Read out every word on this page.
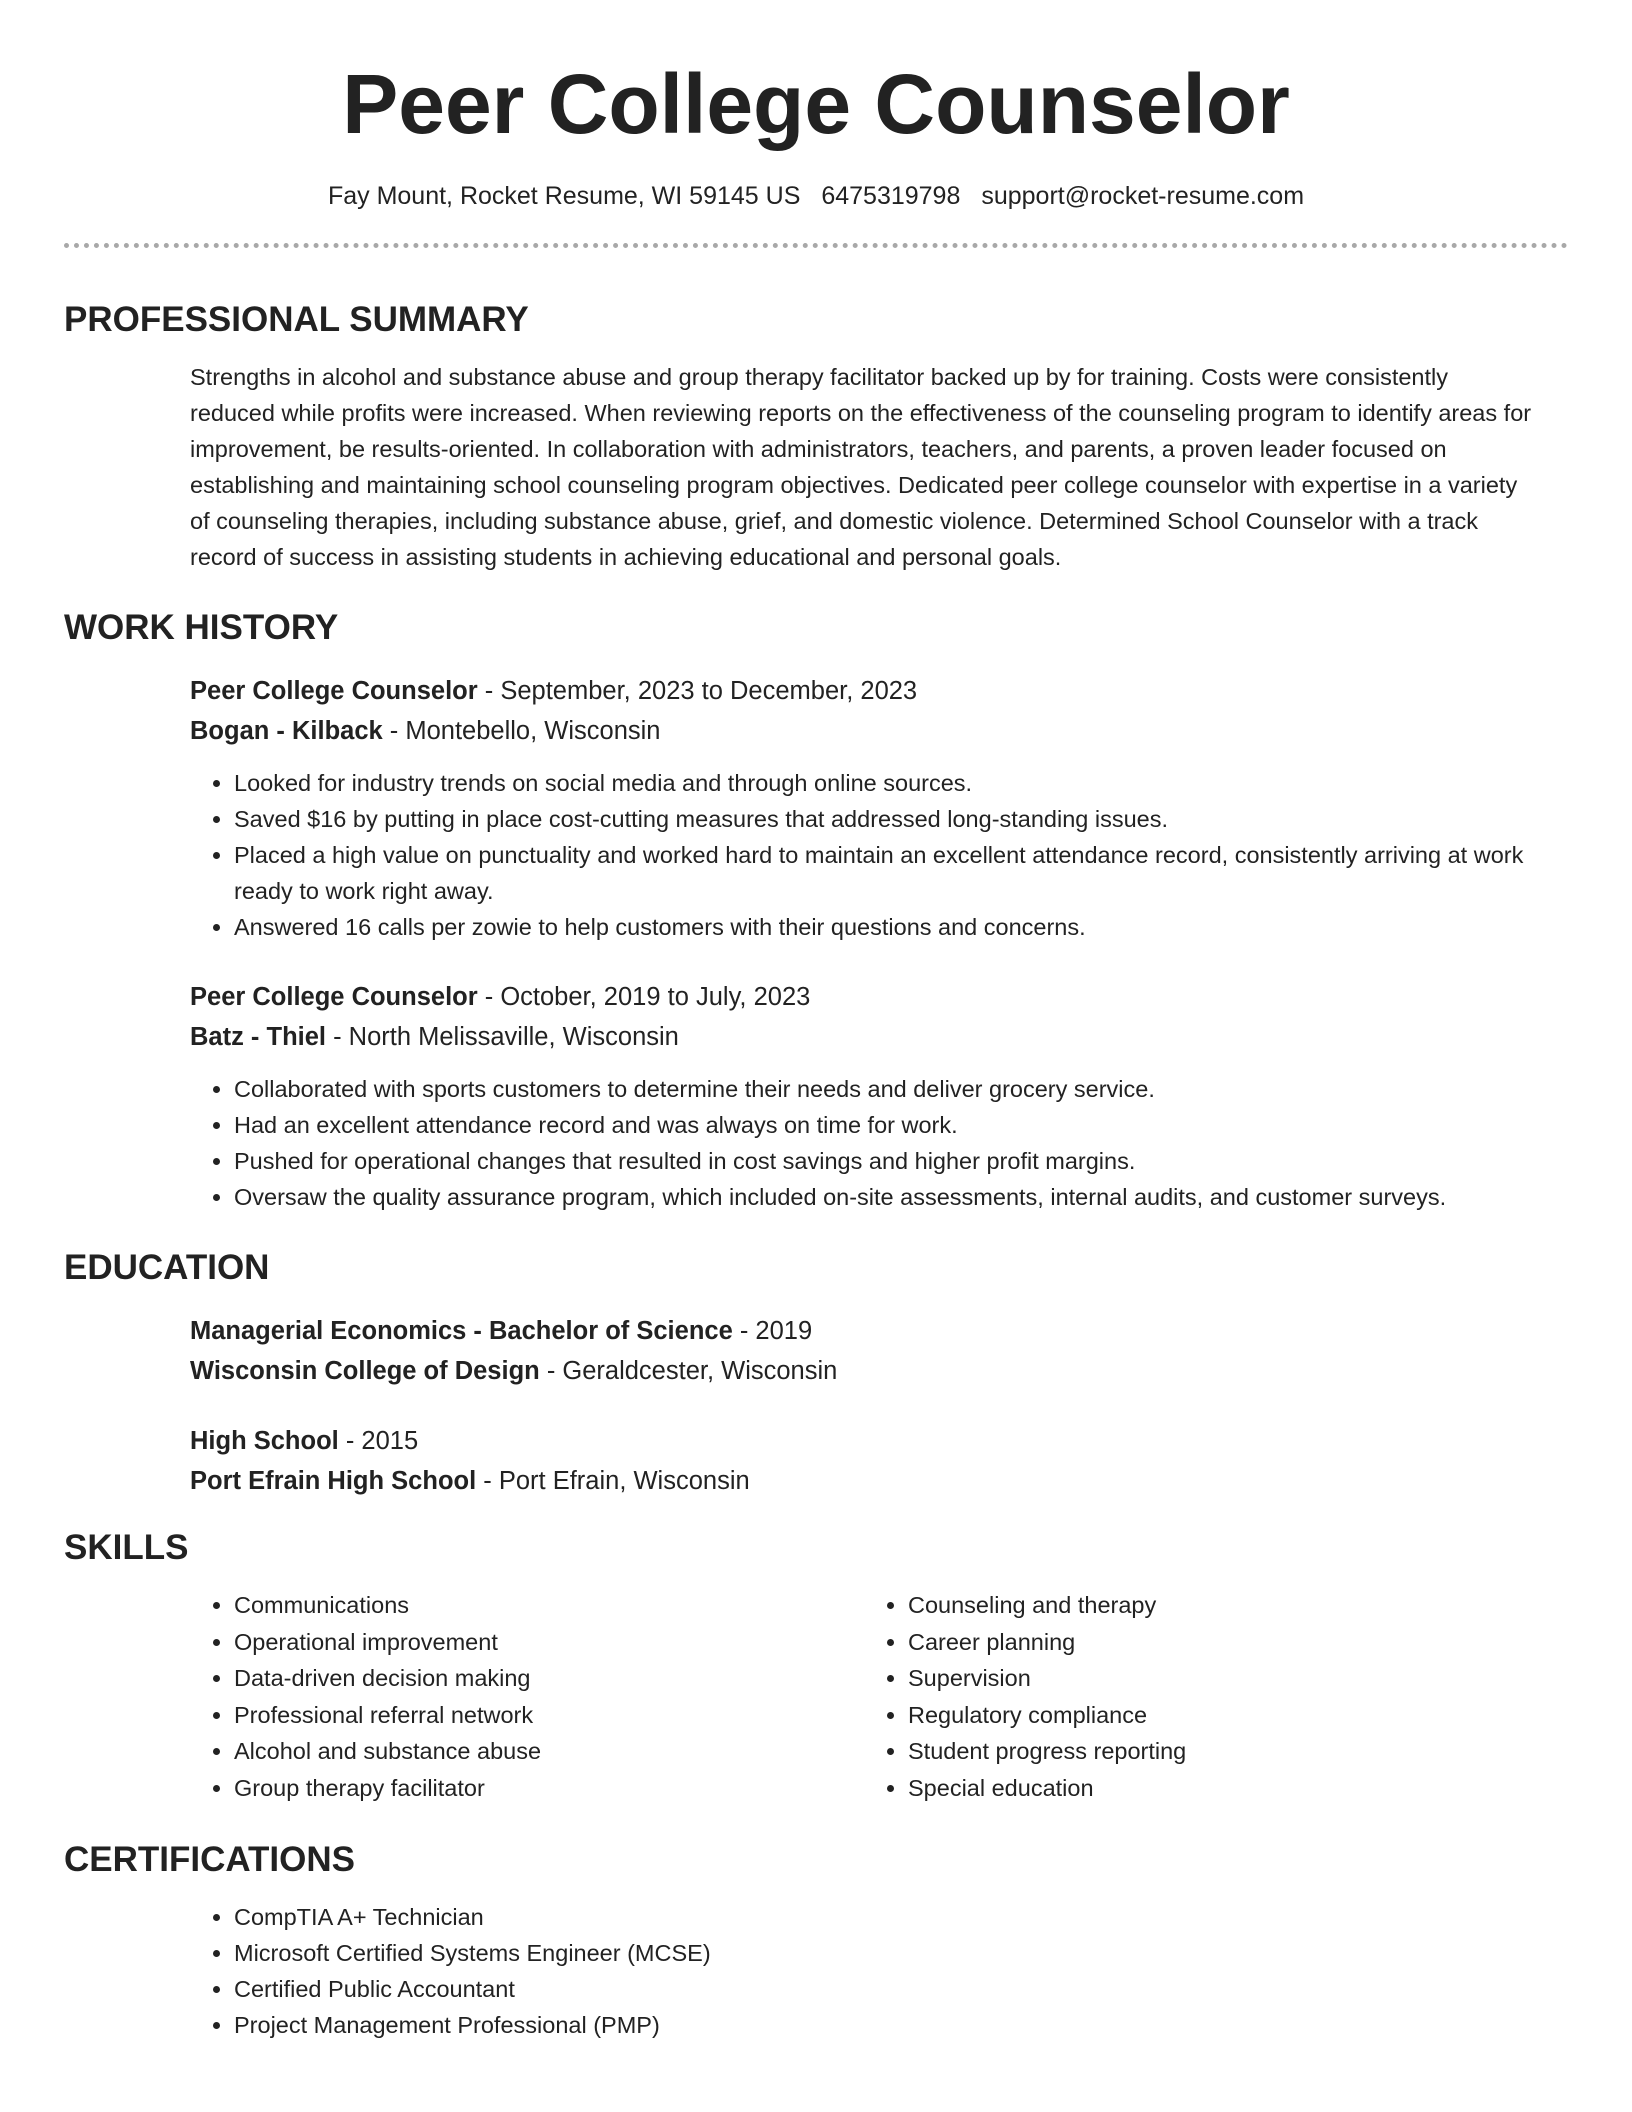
Peer College Counselor
Fay Mount, Rocket Resume, WI 59145 US 6475319798 support@rocket-resume.com
PROFESSIONAL SUMMARY
Strengths in alcohol and substance abuse and group therapy facilitator backed up by for training. Costs were consistently reduced while profits were increased. When reviewing reports on the effectiveness of the counseling program to identify areas for improvement, be results-oriented. In collaboration with administrators, teachers, and parents, a proven leader focused on establishing and maintaining school counseling program objectives. Dedicated peer college counselor with expertise in a variety of counseling therapies, including substance abuse, grief, and domestic violence. Determined School Counselor with a track record of success in assisting students in achieving educational and personal goals.
WORK HISTORY
Peer College Counselor - September, 2023 to December, 2023
Bogan - Kilback - Montebello, Wisconsin
• Looked for industry trends on social media and through online sources.
• Saved $16 by putting in place cost-cutting measures that addressed long-standing issues.
• Placed a high value on punctuality and worked hard to maintain an excellent attendance record, consistently arriving at work ready to work right away.
• Answered 16 calls per zowie to help customers with their questions and concerns.
Peer College Counselor - October, 2019 to July, 2023
Batz - Thiel - North Melissaville, Wisconsin
• Collaborated with sports customers to determine their needs and deliver grocery service.
• Had an excellent attendance record and was always on time for work.
• Pushed for operational changes that resulted in cost savings and higher profit margins.
• Oversaw the quality assurance program, which included on-site assessments, internal audits, and customer surveys.
EDUCATION
Managerial Economics - Bachelor of Science - 2019
Wisconsin College of Design - Geraldcester, Wisconsin
High School - 2015
Port Efrain High School - Port Efrain, Wisconsin
SKILLS
• Communications
• Operational improvement
• Data-driven decision making
• Professional referral network
• Alcohol and substance abuse
• Group therapy facilitator
• Counseling and therapy
• Career planning
• Supervision
• Regulatory compliance
• Student progress reporting
• Special education
CERTIFICATIONS
• CompTIA A+ Technician
• Microsoft Certified Systems Engineer (MCSE)
• Certified Public Accountant
• Project Management Professional (PMP)
